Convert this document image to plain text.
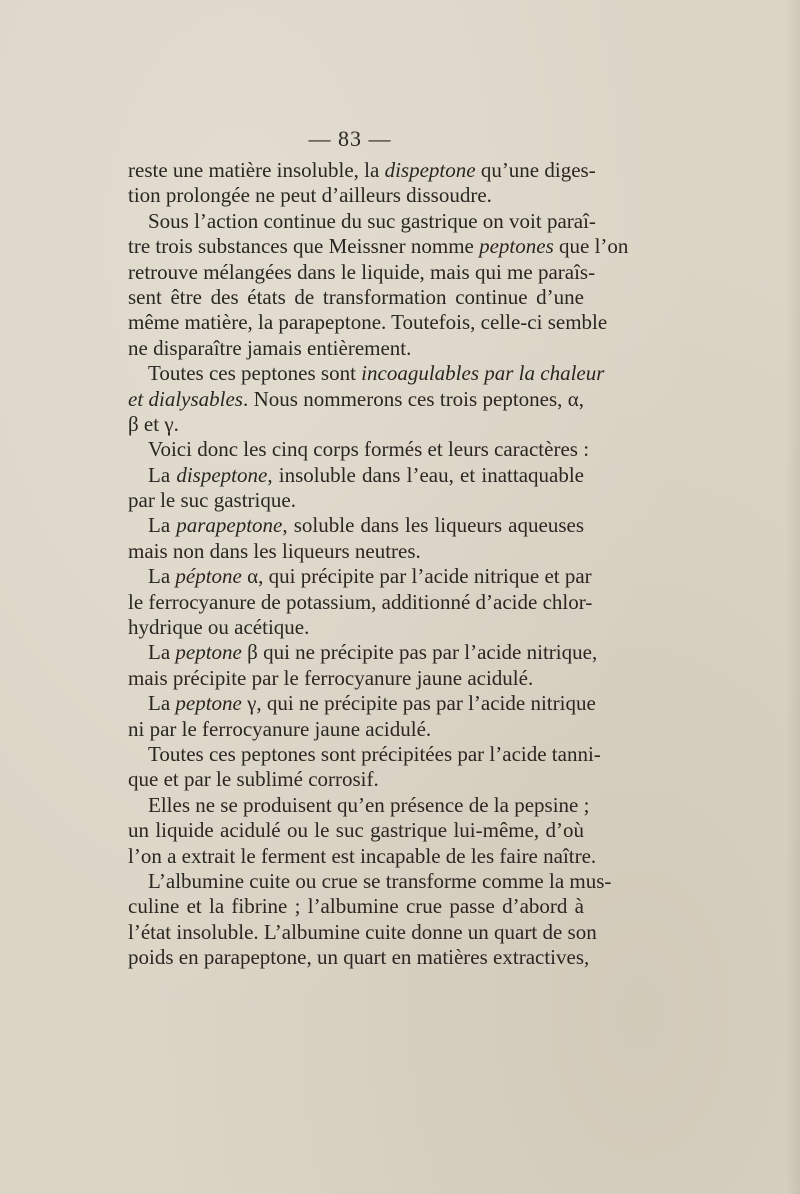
— 83 —
reste une matière insoluble, la dispeptone qu’une diges-
tion prolongée ne peut d’ailleurs dissoudre.
Sous l’action continue du suc gastrique on voit paraî-
tre trois substances que Meissner nomme peptones que l’on
retrouve mélangées dans le liquide, mais qui me paraîs-
sent être des états de transformation continue d’une
même matière, la parapeptone. Toutefois, celle-ci semble
ne disparaître jamais entièrement.
Toutes ces peptones sont incoagulables par la chaleur
et dialysables. Nous nommerons ces trois peptones, α,
β et γ.
Voici donc les cinq corps formés et leurs caractères :
La dispeptone, insoluble dans l’eau, et inattaquable
par le suc gastrique.
La parapeptone, soluble dans les liqueurs aqueuses
mais non dans les liqueurs neutres.
La péptone α, qui précipite par l’acide nitrique et par
le ferrocyanure de potassium, additionné d’acide chlor-
hydrique ou acétique.
La peptone β qui ne précipite pas par l’acide nitrique,
mais précipite par le ferrocyanure jaune acidulé.
La peptone γ, qui ne précipite pas par l’acide nitrique
ni par le ferrocyanure jaune acidulé.
Toutes ces peptones sont précipitées par l’acide tanni-
que et par le sublimé corrosif.
Elles ne se produisent qu’en présence de la pepsine ;
un liquide acidulé ou le suc gastrique lui-même, d’où
l’on a extrait le ferment est incapable de les faire naître.
L’albumine cuite ou crue se transforme comme la mus-
culine et la fibrine ; l’albumine crue passe d’abord à
l’état insoluble. L’albumine cuite donne un quart de son
poids en parapeptone, un quart en matières extractives,
